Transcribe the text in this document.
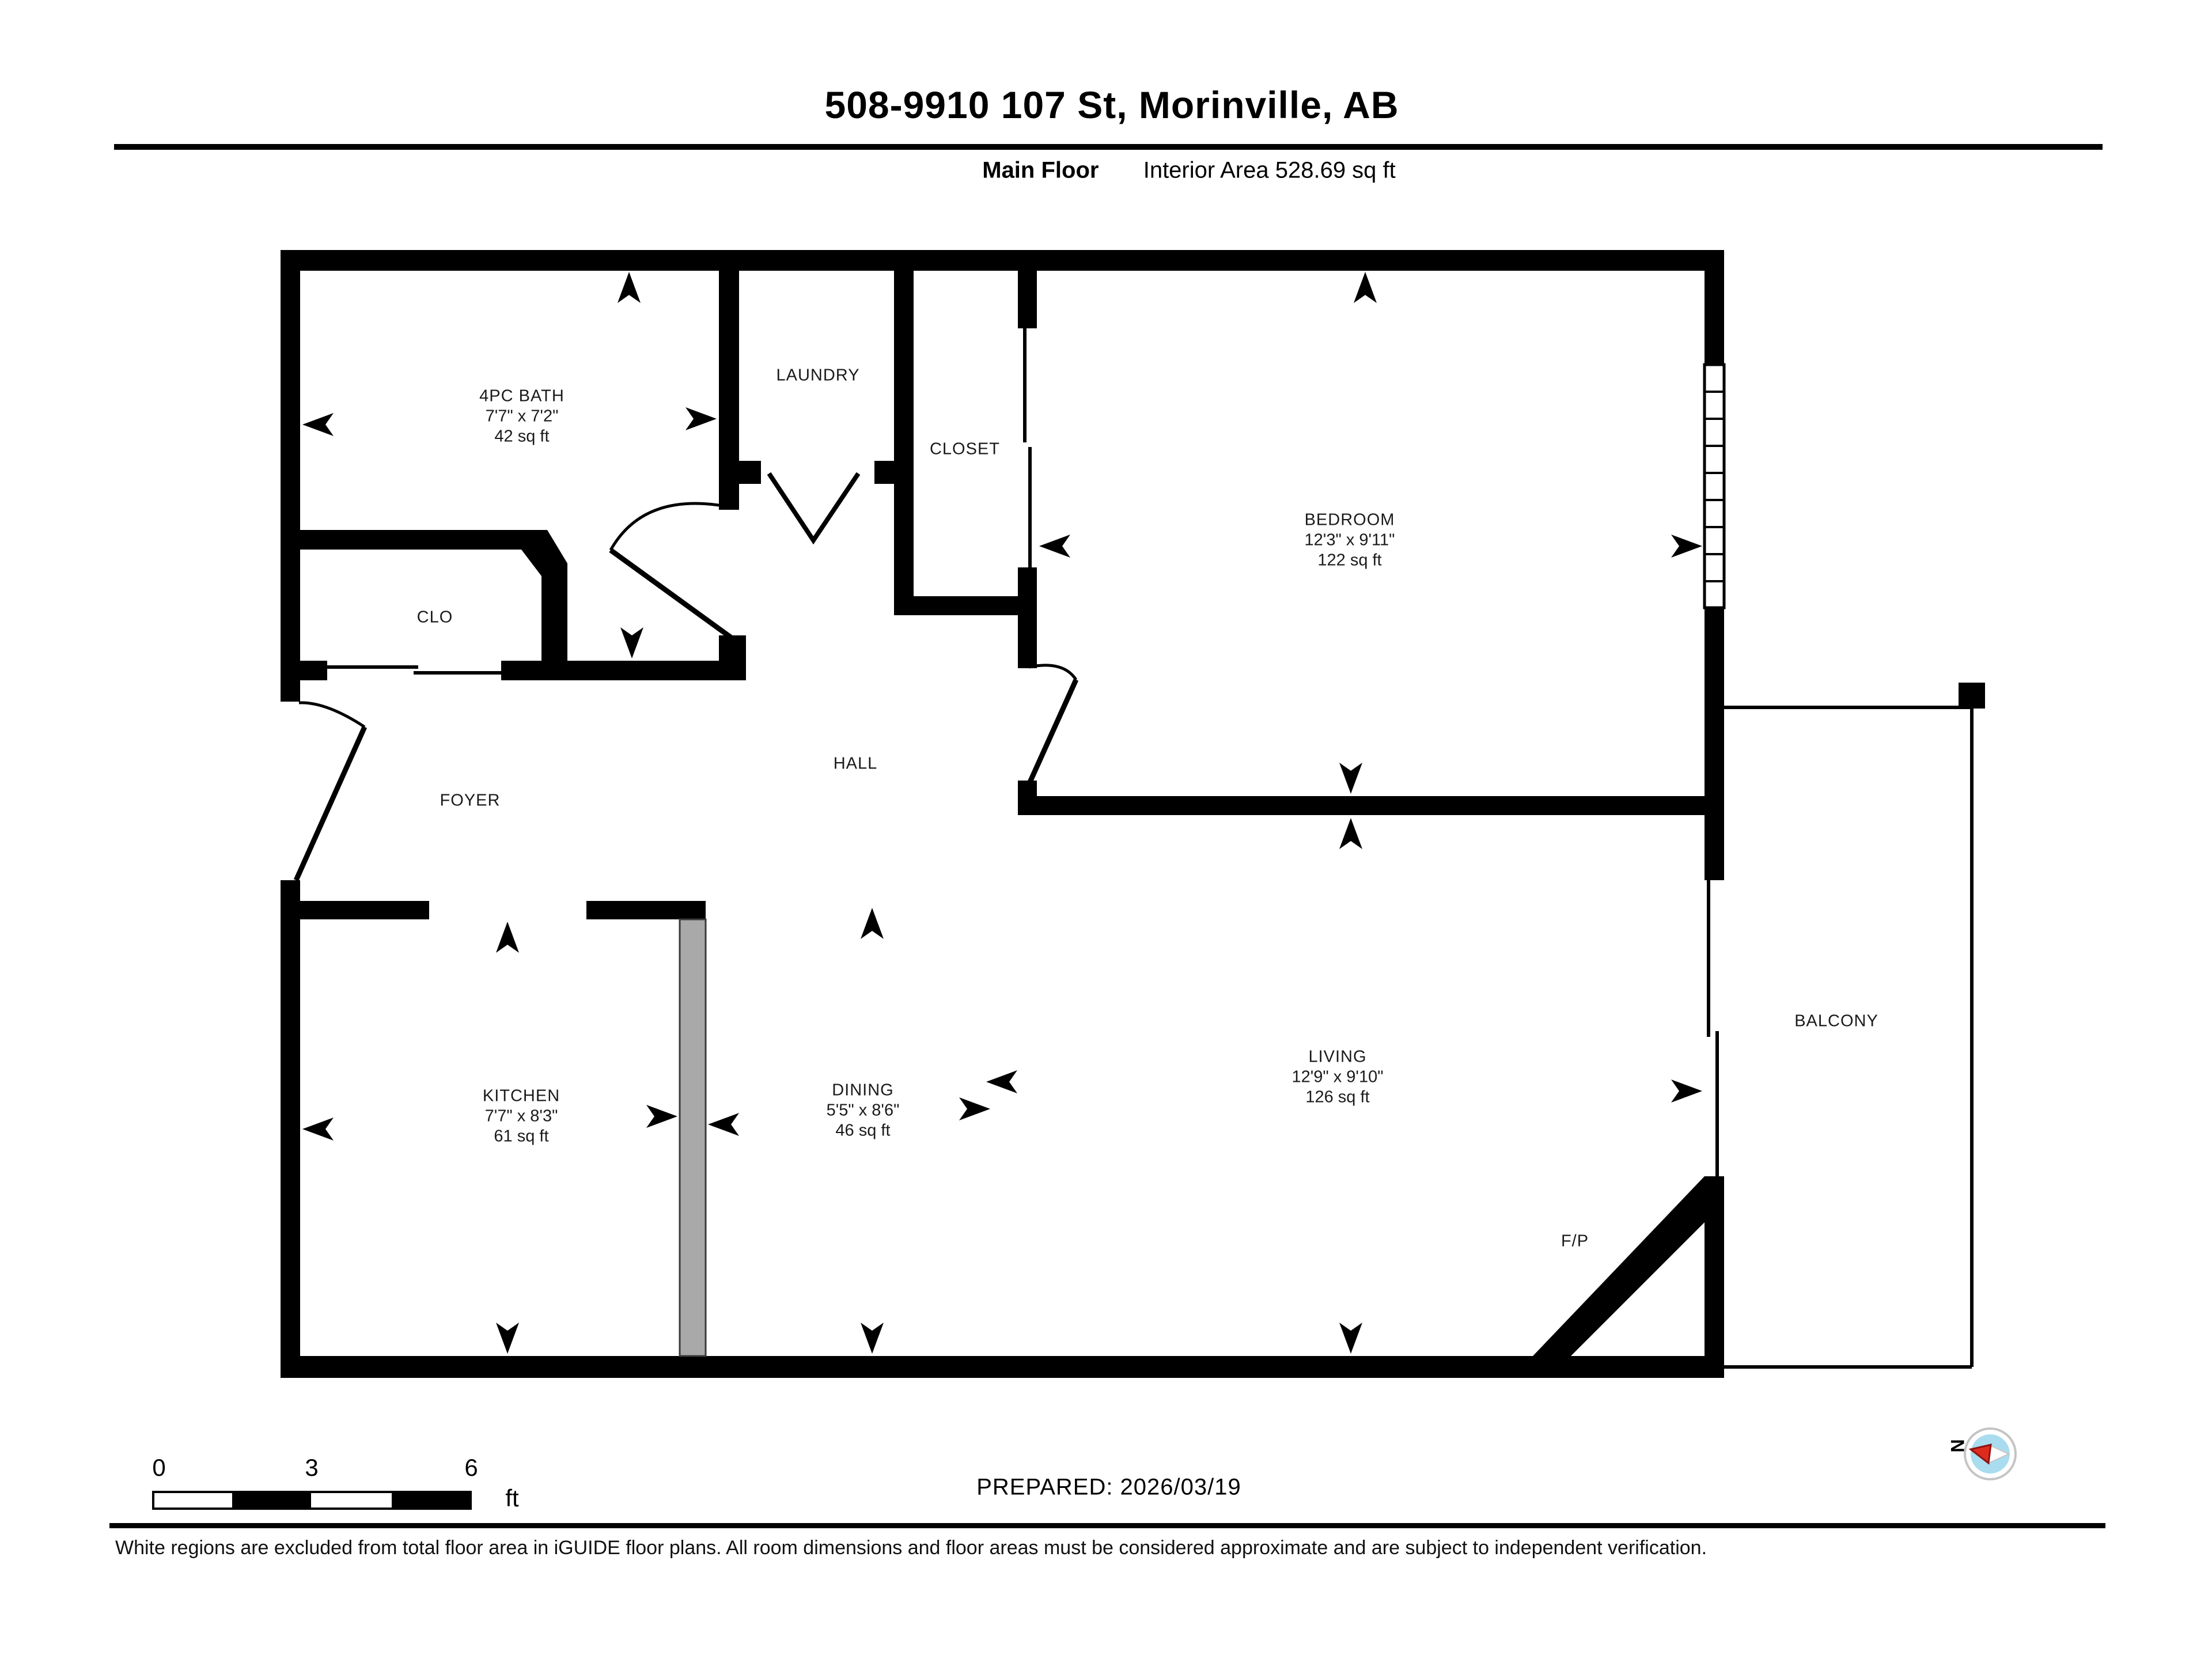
508-9910 107 St, Morinville, AB
Main Floor Interior Area 528.69 sq ft
4PC BATH
7'7" x 7'2"
42 sq ft
LAUNDRY
CLOSET
BEDROOM
12'3" x 9'11"
122 sq ft
CLO
FOYER
HALL
KITCHEN
7'7" x 8'3"
61 sq ft
DINING
5'5" x 8'6"
46 sq ft
LIVING
12'9" x 9'10"
126 sq ft
F/P
BALCONY
0	3	6
ft	PREPARED: 2026/03/19
N
White regions are excluded from total floor area in iGUIDE floor plans. All room dimensions and floor areas must be considered approximate and are subject to independent verification.
